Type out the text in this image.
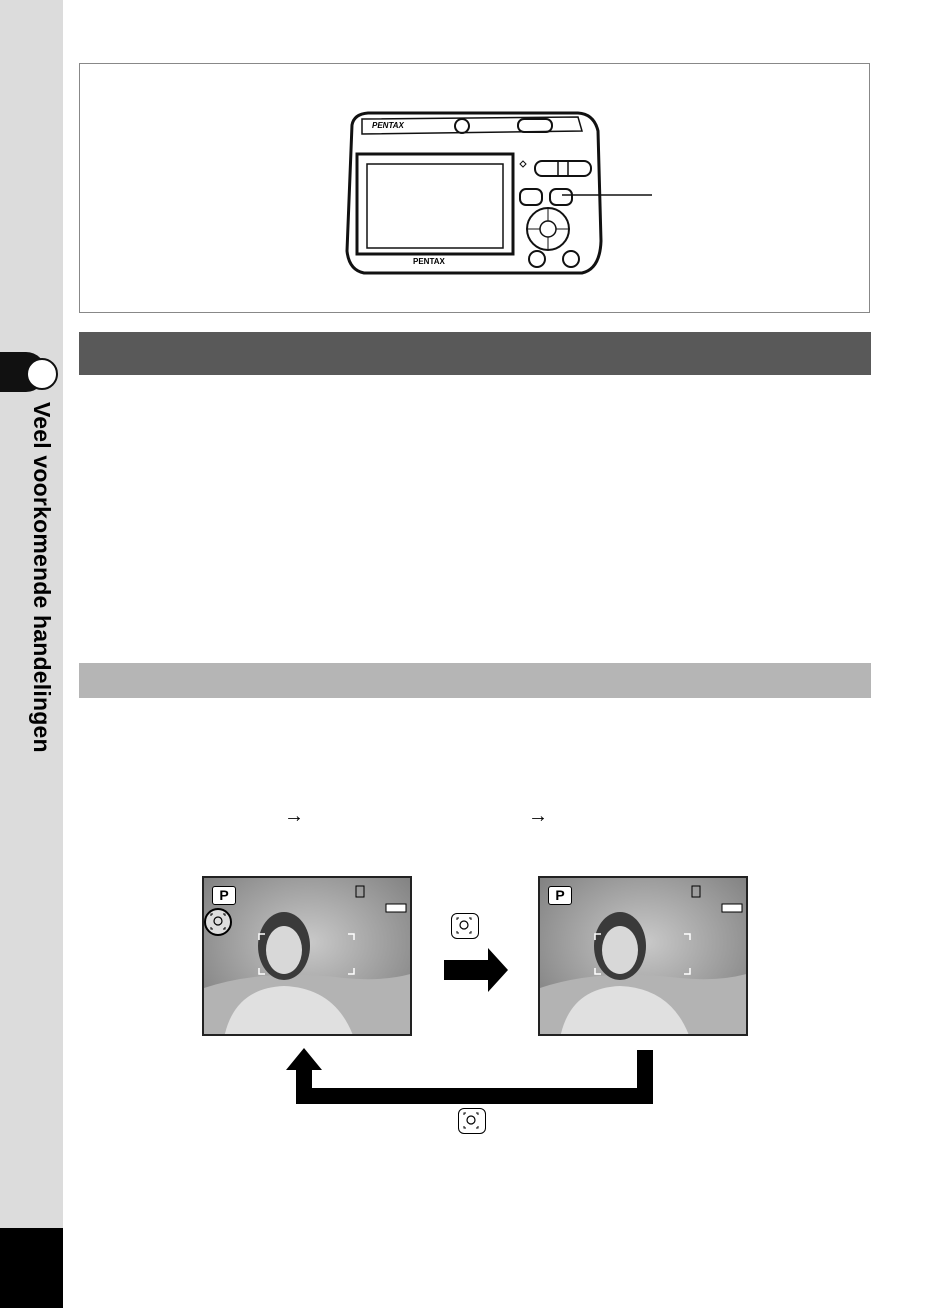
Veel voorkomende handelingen
PENTAX
PENTAX
→	→
P	P
